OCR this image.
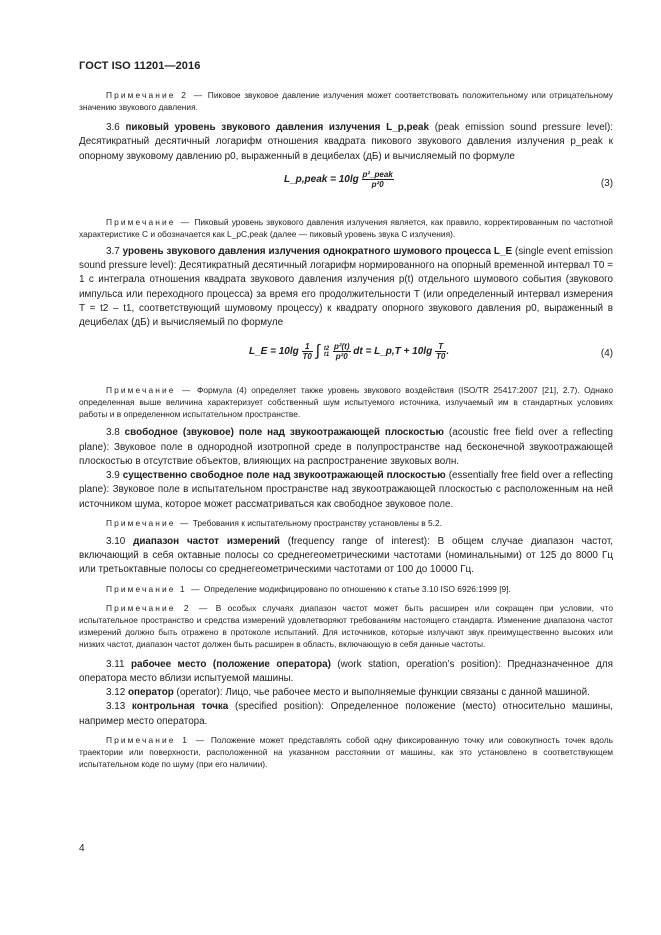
ГОСТ ISO 11201—2016

Примечание 2 — Пиковое звуковое давление излучения может соответствовать положительному или отрицательному значению звукового давления.

3.6 пиковый уровень звукового давления излучения L_p,peak (peak emission sound pressure level): Десятикратный десятичный логарифм отношения квадрата пикового звукового давления излучения p_peak к опорному звуковому давлению p0, выраженный в децибелах (дБ) и вычисляемый по формуле

L_p,peak = $10\lg \frac{\text{p²\_peak}}{\text{p²0}}$	(3)

Примечание — Пиковый уровень звукового давления излучения является, как правило, корректированным по частотной характеристике C и обозначается как L_pC,peak (далее — пиковый уровень звука C излучения).

3.7 уровень звукового давления излучения однократного шумового процесса L_E (single event emission sound pressure level): Десятикратный десятичный логарифм нормированного на опорный временной интервал T0 = 1 с интеграла отношения квадрата звукового давления излучения p(t) отдельного шумового события (звукового импульса или переходного процесса) за время его продолжительности T (или определенный интервал измерения T = t2 – t1, соответствующий шумовому процессу) к квадрату опорного звукового давления p0, выраженный в децибелах (дБ) и вычисляемый по формуле

L_E = $10\lg \frac{1}{T0}$ ∫ t2
t1
$\frac{\text{p²(t)}}{\text{p²0}}$ dt = L_p,T + $10\lg \frac{T}{T0}$ .	(4)

Примечание — Формула (4) определяет также уровень звукового воздействия (ISO/TR 25417:2007 [21], 2.7). Однако определенная выше величина характеризует собственный шум испытуемого источника, излучаемый им в стандартных условиях работы и в определенном испытательном пространстве.

3.8 свободное (звуковое) поле над звукоотражающей плоскостью (acoustic free field over a reflecting plane): Звуковое поле в однородной изотропной среде в полупространстве над бесконечной звукоотражающей плоскостью в отсутствие объектов, влияющих на распространение звуковых волн.

3.9 существенно свободное поле над звукоотражающей плоскостью (essentially free field over a reflecting plane): Звуковое поле в испытательном пространстве над звукоотражающей плоскостью с расположенным на ней источником шума, которое может рассматриваться как свободное звуковое поле.

Примечание — Требования к испытательному пространству установлены в 5.2.

3.10 диапазон частот измерений (frequency range of interest): В общем случае диапазон частот, включающий в себя октавные полосы со среднегеометрическими частотами (номинальными) от 125 до 8000 Гц или третьоктавные полосы со среднегеометрическими частотами от 100 до 10000 Гц.

Примечание 1 — Определение модифицировано по отношению к статье 3.10 ISO 6926:1999 [9].

Примечание 2 — В особых случаях диапазон частот может быть расширен или сокращен при условии, что испытательное пространство и средства измерений удовлетворяют требованиям настоящего стандарта. Изменение диапазона частот измерений должно быть отражено в протоколе испытаний. Для источников, которые излучают звук преимущественно высоких или низких частот, диапазон частот должен быть расширен в область, включающую в себя данные частоты.

3.11 рабочее место (положение оператора) (work station, operation’s position): Предназначенное для оператора место вблизи испытуемой машины.

3.12 оператор (operator): Лицо, чье рабочее место и выполняемые функции связаны с данной машиной.

3.13 контрольная точка (specified position): Определенное положение (место) относительно машины, например место оператора.

Примечание 1 — Положение может представлять собой одну фиксированную точку или совокупность точек вдоль траектории или поверхности, расположенной на указанном расстоянии от машины, как это установлено в соответствующем испытательном коде по шуму (при его наличии).

4
